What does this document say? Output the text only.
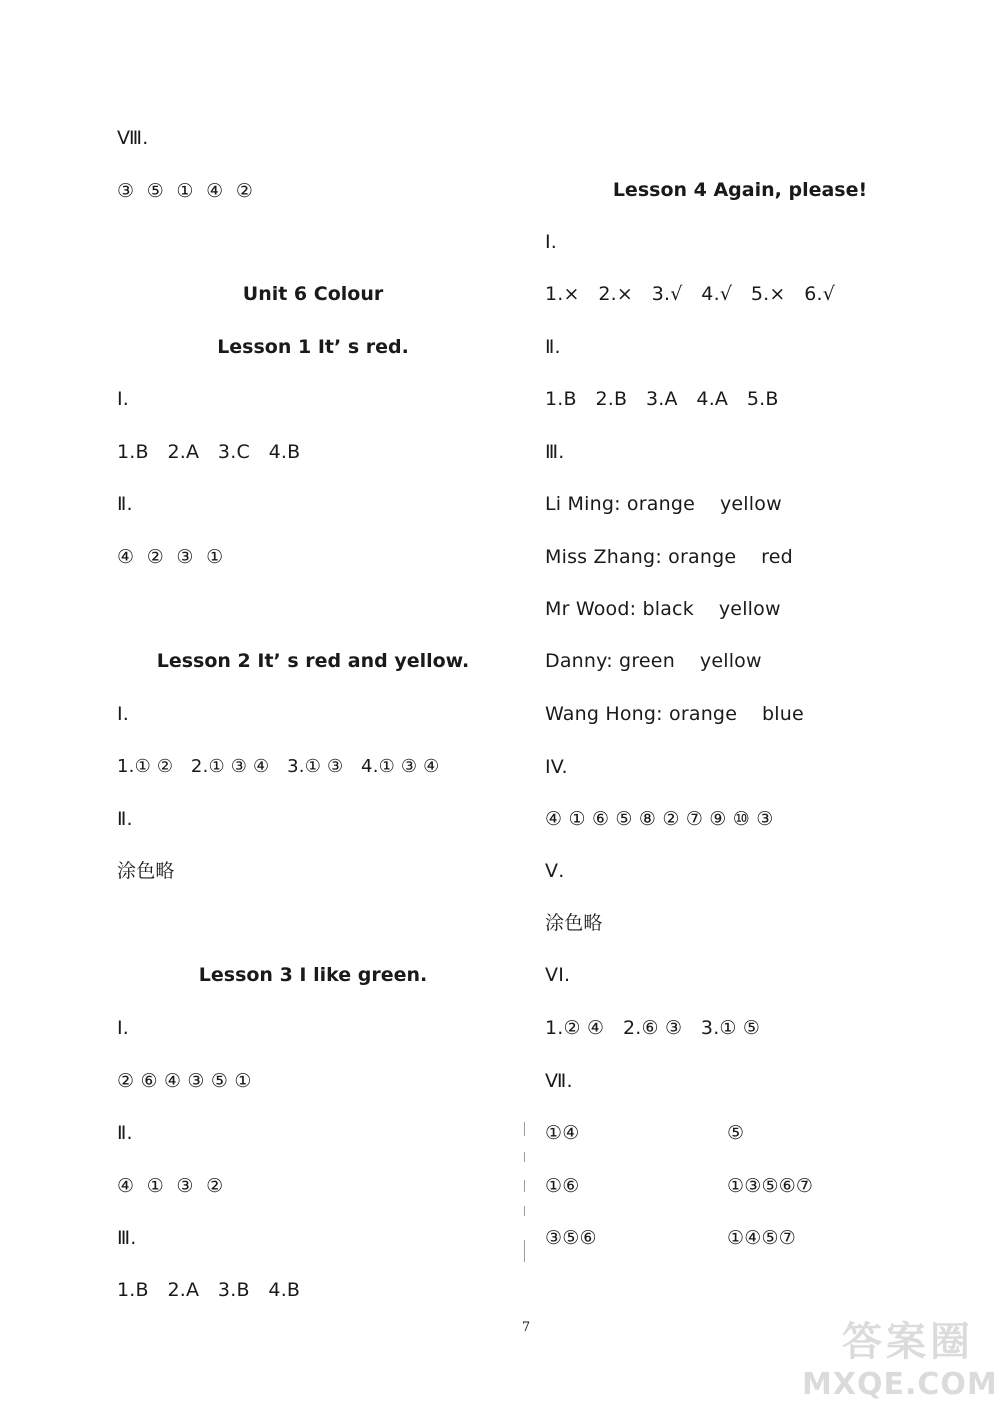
Ⅷ.
③  ⑤  ①  ④  ②
Unit 6 Colour
Lesson 1 It’ s red.
Ⅰ.
1.B   2.A   3.C   4.B
Ⅱ.
④  ②  ③  ①
Lesson 2 It’ s red and yellow.
Ⅰ.
1.① ②   2.① ③ ④   3.① ③   4.① ③ ④
Ⅱ.
涂色略
Lesson 3 I like green.
Ⅰ.
② ⑥ ④ ③ ⑤ ①
Ⅱ.
④  ①  ③  ②
Ⅲ.
1.B   2.A   3.B   4.B
Lesson 4 Again, please!
Ⅰ.
1.×   2.×   3.√   4.√   5.×   6.√
Ⅱ.
1.B   2.B   3.A   4.A   5.B
Ⅲ.
Li Ming: orange    yellow
Miss Zhang: orange    red
Mr Wood: black    yellow
Danny: green    yellow
Wang Hong: orange    blue
IV.
④ ① ⑥ ⑤ ⑧ ② ⑦ ⑨ ⑩ ③
Ⅴ.
涂色略
VI.
1.② ④   2.⑥ ③   3.① ⑤
Ⅶ.
①④	⑤
①⑥	①③⑤⑥⑦
③⑤⑥	①④⑤⑦
7	答案圈
MXQE.COM
